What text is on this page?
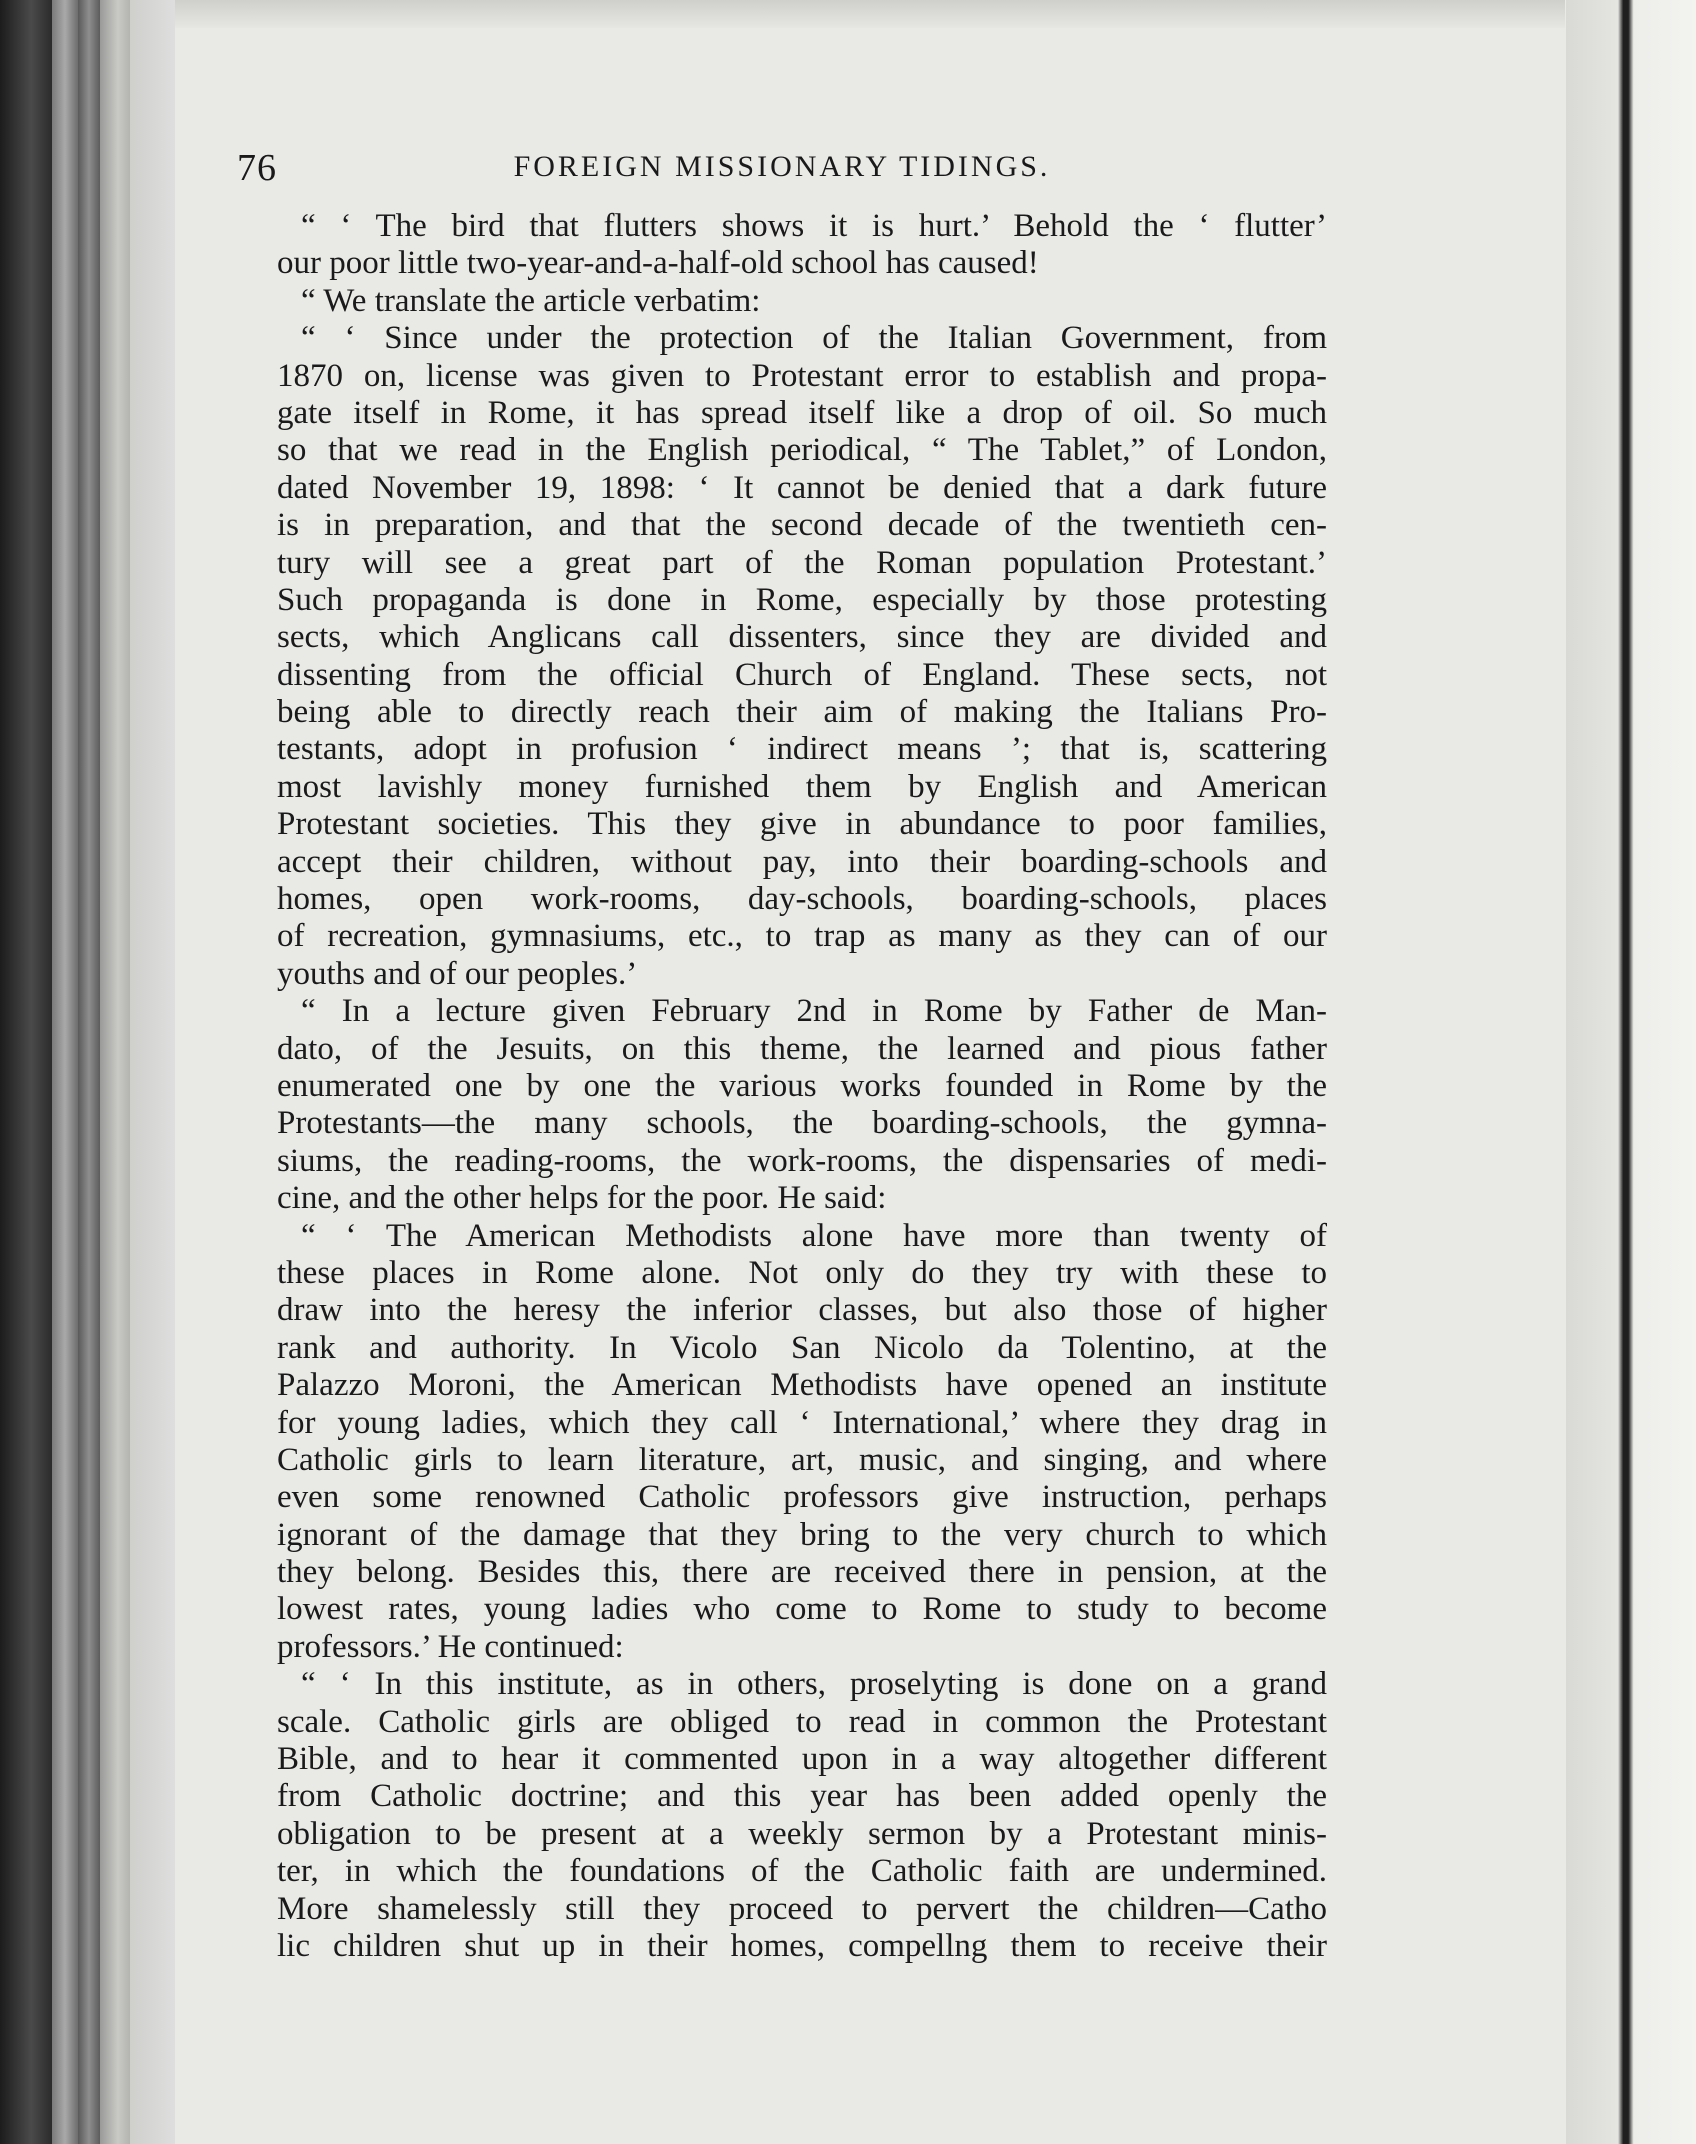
76	FOREIGN MISSIONARY TIDINGS.
“ ‘ The bird that flutters shows it is hurt.’ Behold the ‘ flutter’
our poor little two-year-and-a-half-old school has caused!
“ We translate the article verbatim:
“ ‘ Since under the protection of the Italian Government, from
1870 on, license was given to Protestant error to establish and propa-
gate itself in Rome, it has spread itself like a drop of oil. So much
so that we read in the English periodical, “ The Tablet,” of London,
dated November 19, 1898: ‘ It cannot be denied that a dark future
is in preparation, and that the second decade of the twentieth cen-
tury will see a great part of the Roman population Protestant.’
Such propaganda is done in Rome, especially by those protesting
sects, which Anglicans call dissenters, since they are divided and
dissenting from the official Church of England. These sects, not
being able to directly reach their aim of making the Italians Pro-
testants, adopt in profusion ‘ indirect means ’; that is, scattering
most lavishly money furnished them by English and American
Protestant societies. This they give in abundance to poor families,
accept their children, without pay, into their boarding-schools and
homes, open work-rooms, day-schools, boarding-schools, places
of recreation, gymnasiums, etc., to trap as many as they can of our
youths and of our peoples.’
“ In a lecture given February 2nd in Rome by Father de Man-
dato, of the Jesuits, on this theme, the learned and pious father
enumerated one by one the various works founded in Rome by the
Protestants—the many schools, the boarding-schools, the gymna-
siums, the reading-rooms, the work-rooms, the dispensaries of medi-
cine, and the other helps for the poor. He said:
“ ‘ The American Methodists alone have more than twenty of
these places in Rome alone. Not only do they try with these to
draw into the heresy the inferior classes, but also those of higher
rank and authority. In Vicolo San Nicolo da Tolentino, at the
Palazzo Moroni, the American Methodists have opened an institute
for young ladies, which they call ‘ International,’ where they drag in
Catholic girls to learn literature, art, music, and singing, and where
even some renowned Catholic professors give instruction, perhaps
ignorant of the damage that they bring to the very church to which
they belong. Besides this, there are received there in pension, at the
lowest rates, young ladies who come to Rome to study to become
professors.’ He continued:
“ ‘ In this institute, as in others, proselyting is done on a grand
scale. Catholic girls are obliged to read in common the Protestant
Bible, and to hear it commented upon in a way altogether different
from Catholic doctrine; and this year has been added openly the
obligation to be present at a weekly sermon by a Protestant minis-
ter, in which the foundations of the Catholic faith are undermined.
More shamelessly still they proceed to pervert the children—Catho
lic children shut up in their homes, compellng them to receive their
